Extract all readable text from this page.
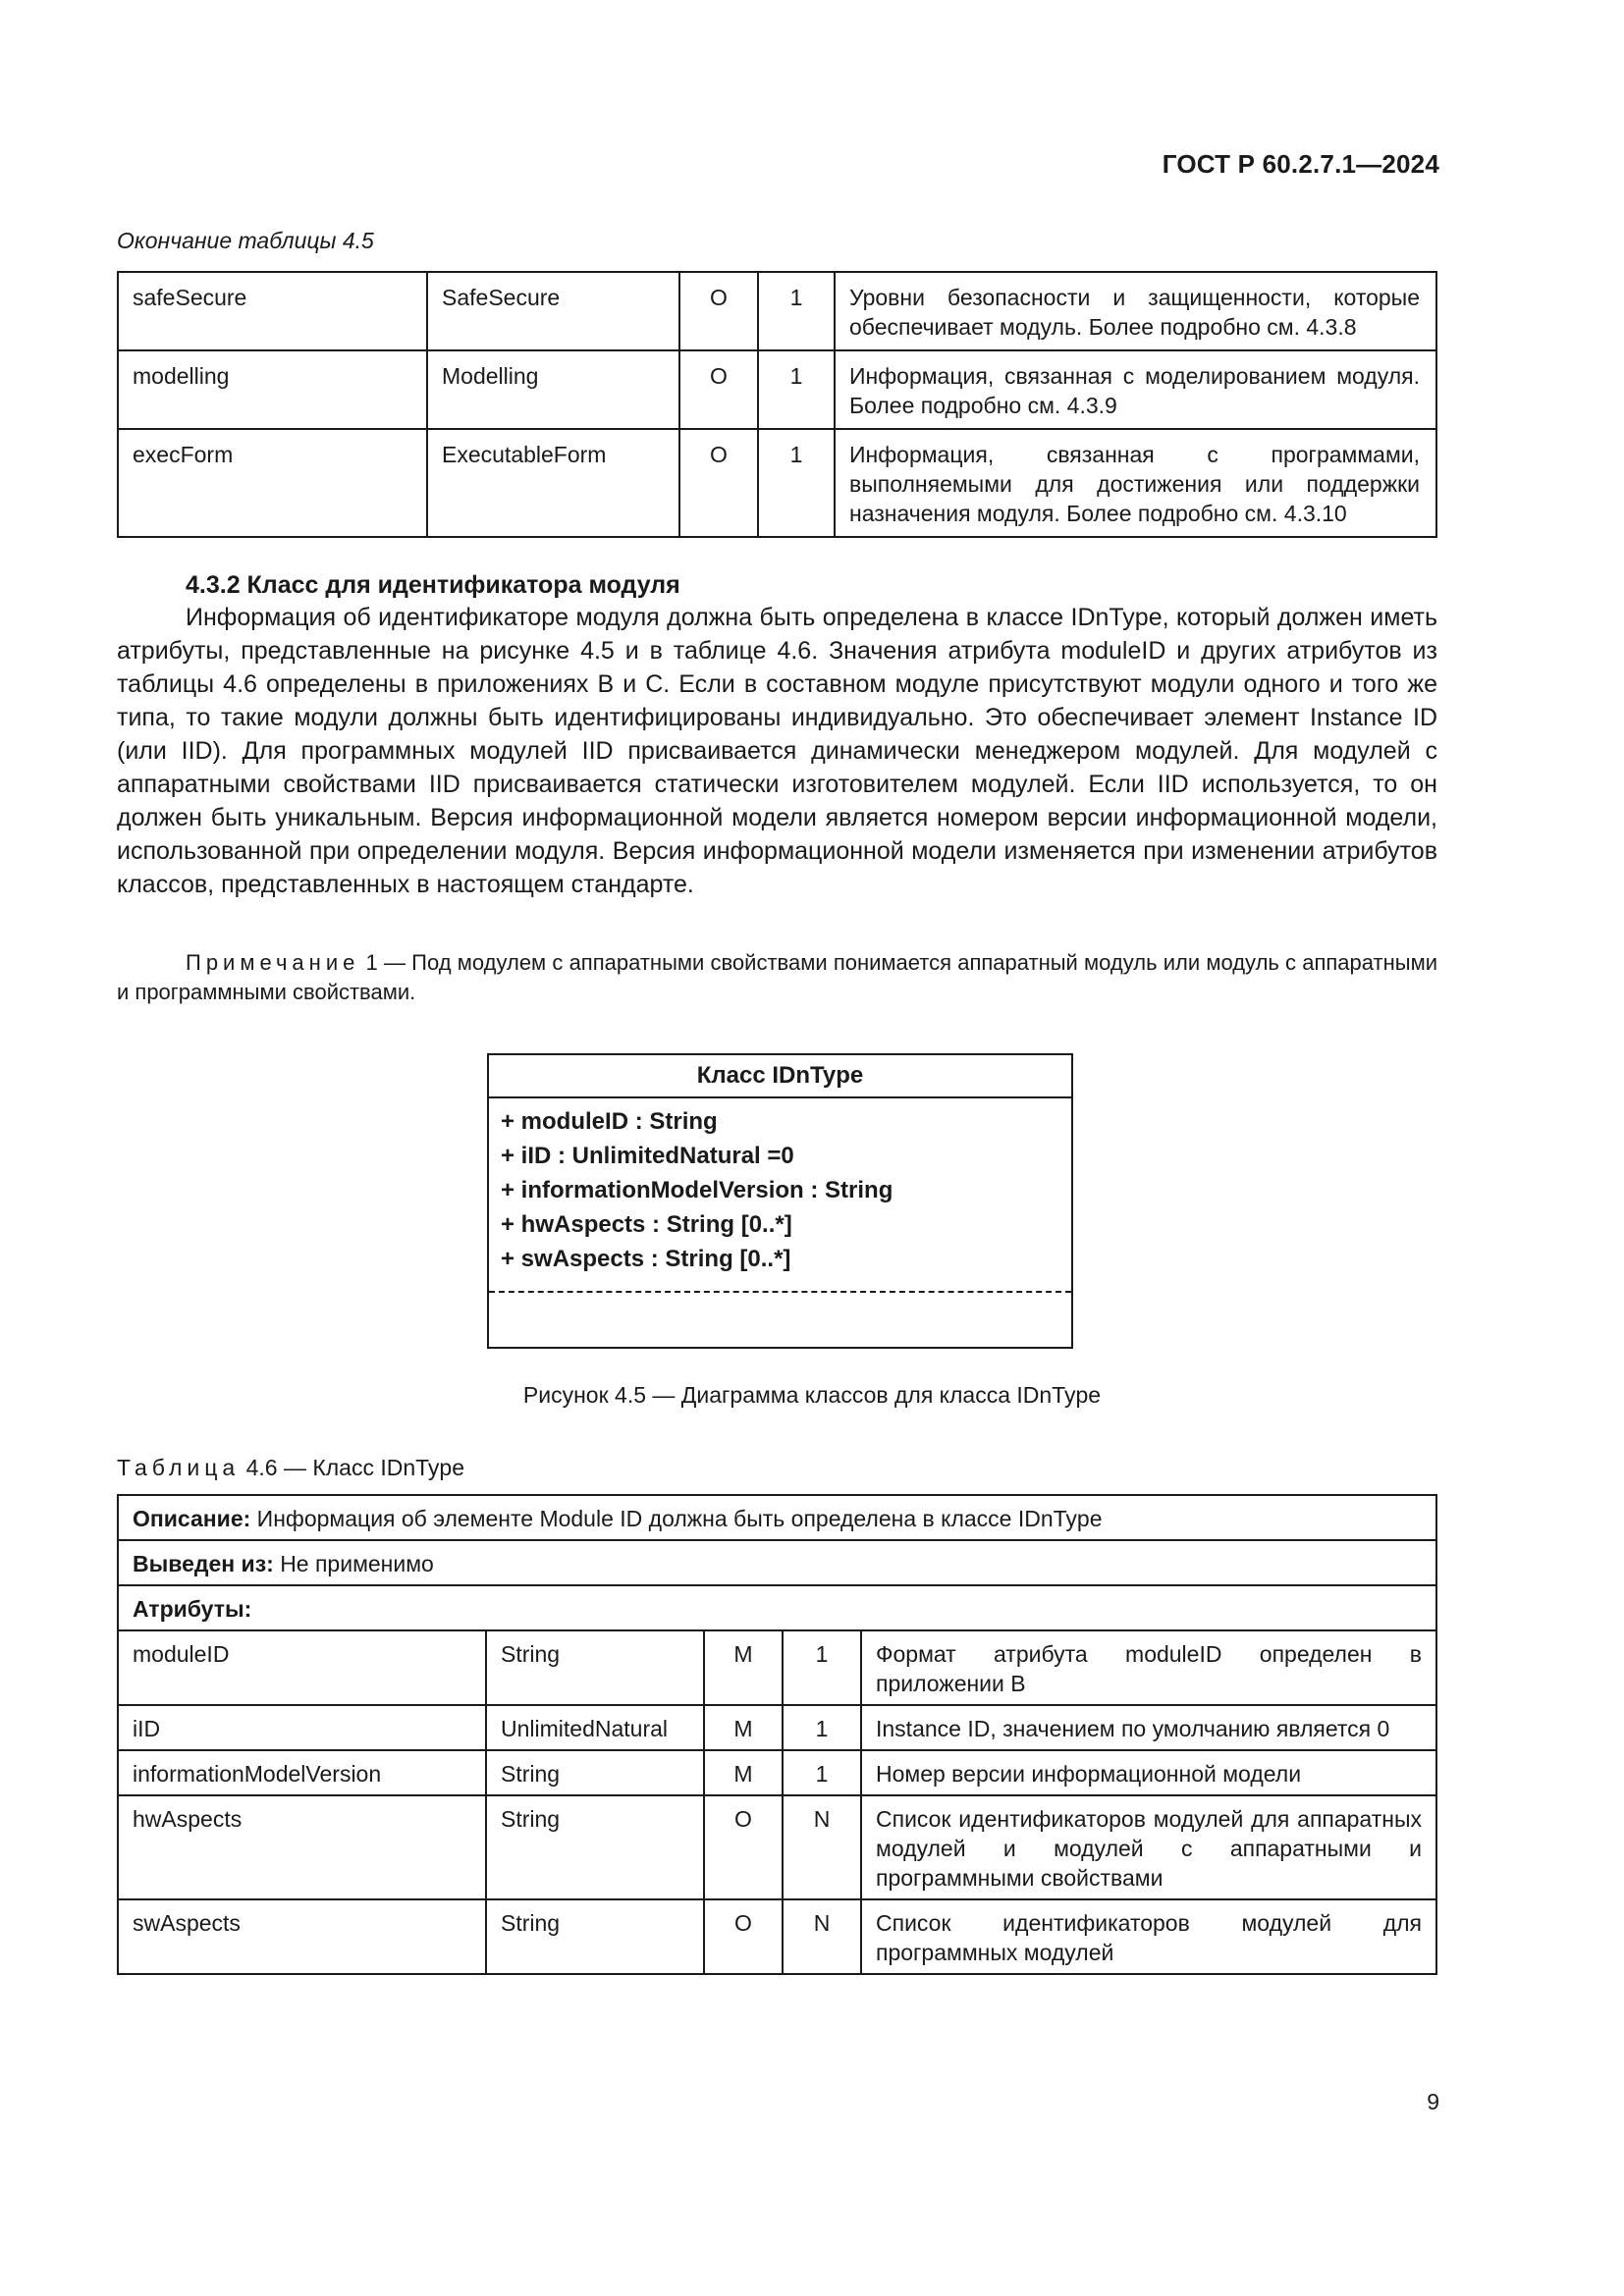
ГОСТ Р 60.2.7.1—2024
Окончание таблицы 4.5
safeSecure	SafeSecure	O	1	Уровни безопасности и защищенности, которые обеспечивает модуль. Более подробно см. 4.3.8
modelling	Modelling	O	1	Информация, связанная с моделированием модуля. Более подробно см. 4.3.9
execForm	ExecutableForm	O	1	Информация, связанная с программами, выполняемыми для достижения или поддержки назначения модуля. Более подробно см. 4.3.10
4.3.2 Класс для идентификатора модуля
Информация об идентификаторе модуля должна быть определена в классе IDnType, который должен иметь атрибуты, представленные на рисунке 4.5 и в таблице 4.6. Значения атрибута moduleID и других атрибутов из таблицы 4.6 определены в приложениях B и C. Если в составном модуле присутствуют модули одного и того же типа, то такие модули должны быть идентифицированы индивидуально. Это обеспечивает элемент Instance ID (или IID). Для программных модулей IID присваивается динамически менеджером модулей. Для модулей с аппаратными свойствами IID присваивается статически изготовителем модулей. Если IID используется, то он должен быть уникальным. Версия информационной модели является номером версии информационной модели, использованной при определении модуля. Версия информационной модели изменяется при изменении атрибутов классов, представленных в настоящем стандарте.
Примечание 1 — Под модулем с аппаратными свойствами понимается аппаратный модуль или модуль с аппаратными и программными свойствами.
Класс IDnType
+ moduleID : String
+ iID : UnlimitedNatural =0
+ informationModelVersion : String
+ hwAspects : String [0..*]
+ swAspects : String [0..*]
Рисунок 4.5 — Диаграмма классов для класса IDnType
Таблица 4.6 — Класс IDnType
Описание: Информация об элементе Module ID должна быть определена в классе IDnType				
Выведен из: Не применимо				
Атрибуты:				
moduleID	String	M	1	Формат атрибута moduleID определен в приложении B
iID	UnlimitedNatural	M	1	Instance ID, значением по умолчанию является 0
informationModelVersion	String	M	1	Номер версии информационной модели
hwAspects	String	O	N	Список идентификаторов модулей для аппаратных модулей и модулей с аппаратными и программными свойствами
swAspects	String	O	N	Список идентификаторов модулей для программных модулей
9
